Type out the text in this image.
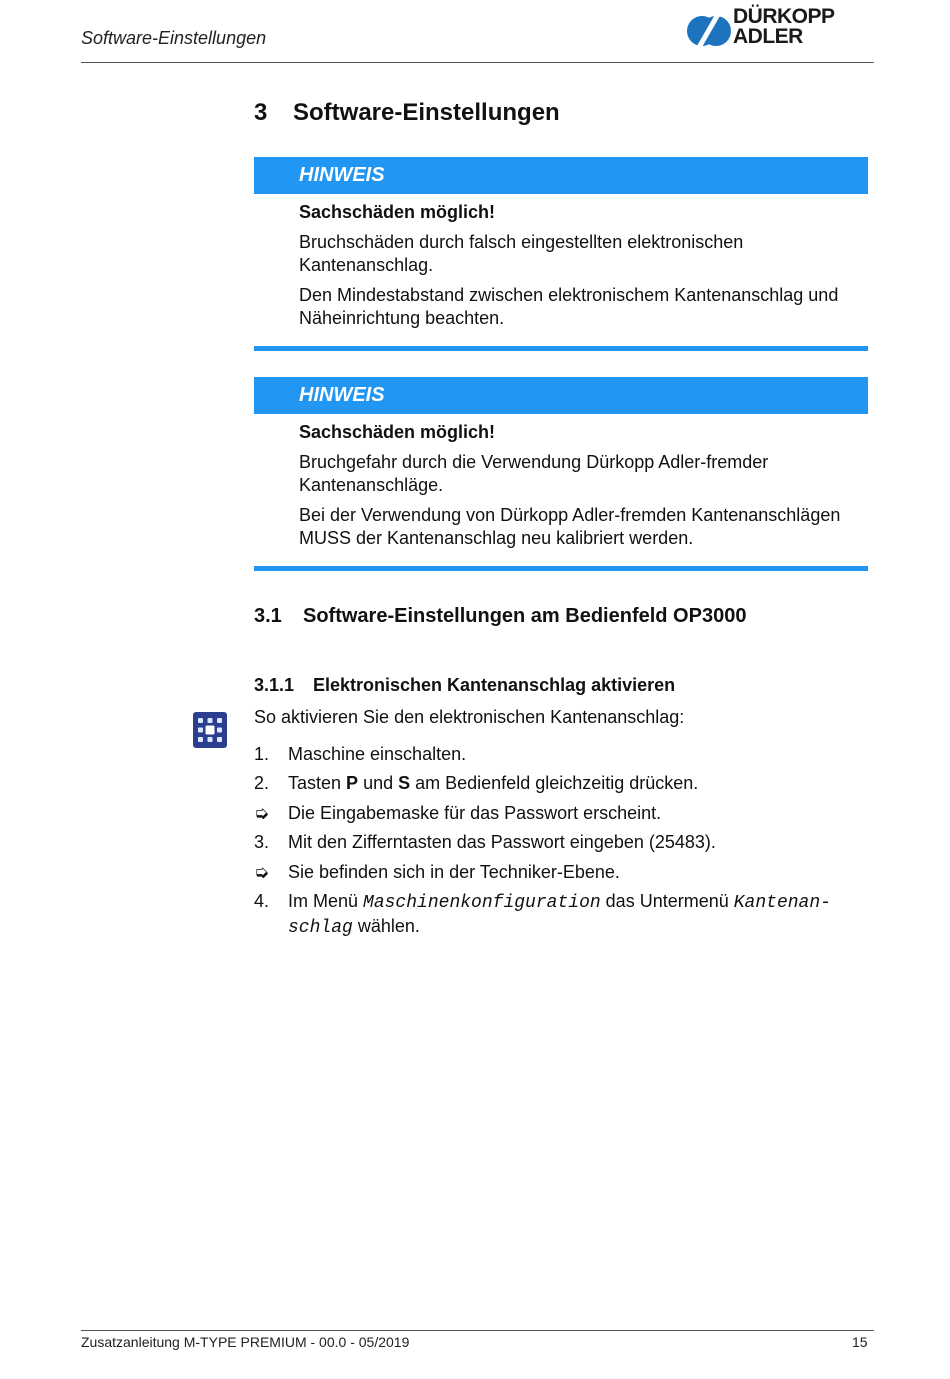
Software-Einstellungen
DÜRKOPP
ADLER
3 Software-Einstellungen
HINWEIS
Sachschäden möglich!

Bruchschäden durch falsch eingestellten elektronischen Kantenanschlag.

Den Mindestabstand zwischen elektronischem Kantenanschlag und Näheinrichtung beachten.

HINWEIS
Sachschäden möglich!

Bruchgefahr durch die Verwendung Dürkopp Adler-fremder Kantenanschläge.

Bei der Verwendung von Dürkopp Adler-fremden Kantenanschlägen MUSS der Kantenanschlag neu kalibriert werden.

3.1 Software-Einstellungen am Bedienfeld OP3000
3.1.1 Elektronischen Kantenanschlag aktivieren
So aktivieren Sie den elektronischen Kantenanschlag:
1. Maschine einschalten.
2. Tasten P und S am Bedienfeld gleichzeitig drücken.
➭ Die Eingabemaske für das Passwort erscheint.
3. Mit den Zifferntasten das Passwort eingeben (25483).
➭ Sie befinden sich in der Techniker-Ebene.
4. Im Menü Maschinenkonfiguration das Untermenü Kantenan-schlag wählen.
Zusatzanleitung M-TYPE PREMIUM - 00.0 - 05/2019	15
